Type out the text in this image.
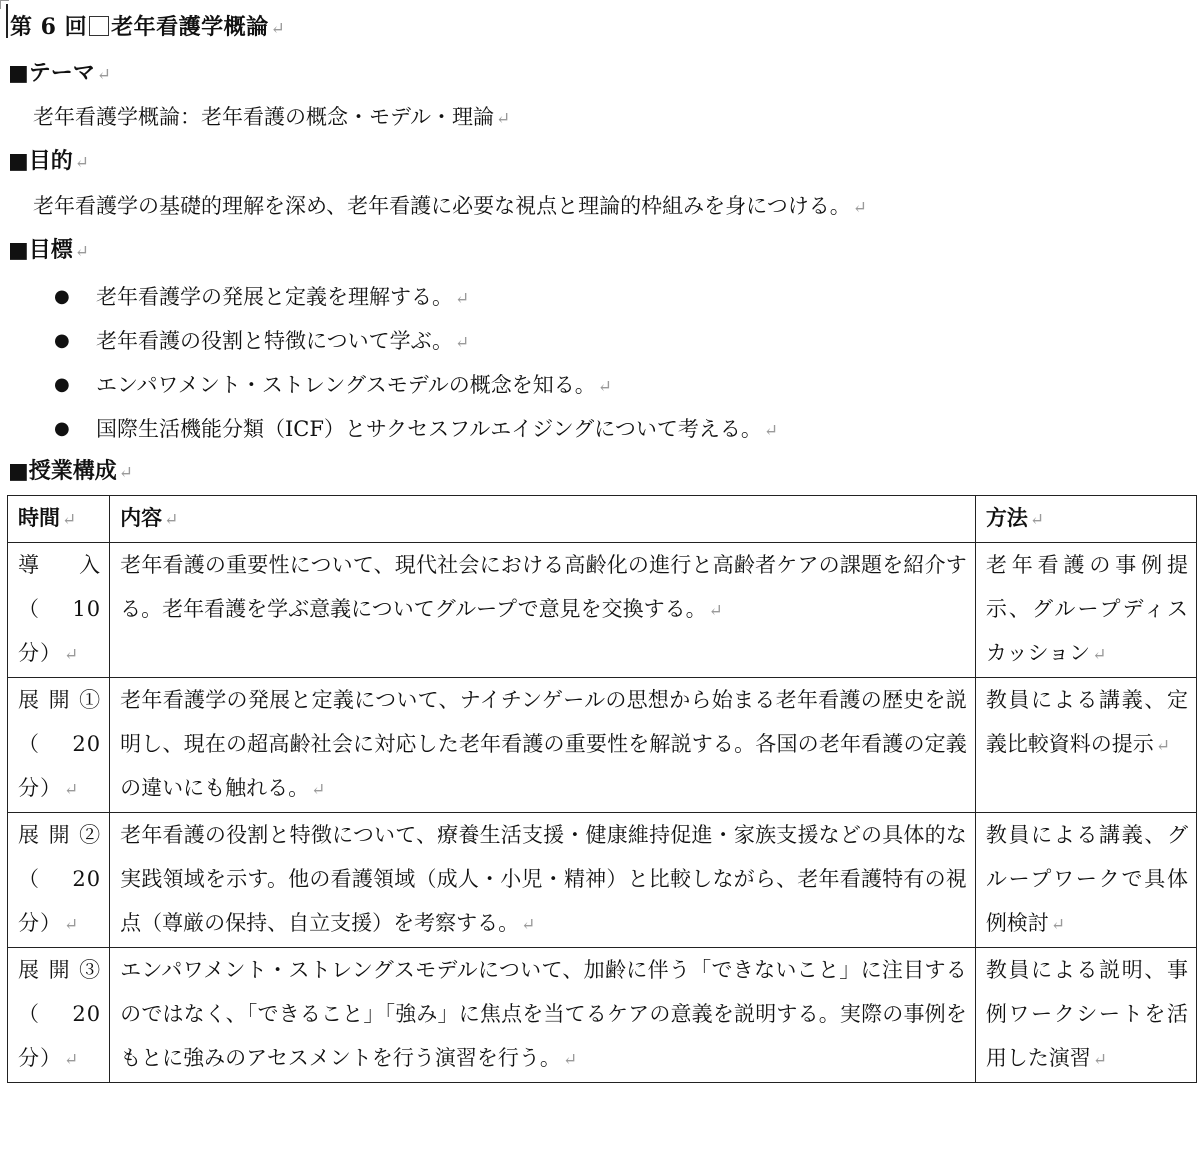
第 6 回 老年看護学概論 ↵
■テーマ ↵
老年看護学概論：老年看護の概念・モデル・理論 ↵
■目的 ↵
老年看護学の基礎的理解を深め、老年看護に必要な視点と理論的枠組みを身につける。 ↵
■目標 ↵
● 老年看護学の発展と定義を理解する。 ↵
● 老年看護の役割と特徴について学ぶ。 ↵
● エンパワメント・ストレングスモデルの概念を知る。 ↵
● 国際生活機能分類（ICF）とサクセスフルエイジングについて考える。 ↵
■授業構成 ↵
時間 ↵	内容 ↵	方法 ↵
導　入（　10分） ↵	老年看護の重要性について、現代社会における高齢化の進行と高齢者ケアの課題を紹介する。老年看護を学ぶ意義についてグループで意見を交換する。 ↵	老年看護の事例提示、グループディスカッション ↵
展開①（　20分） ↵	老年看護学の発展と定義について、ナイチンゲールの思想から始まる老年看護の歴史を説明し、現在の超高齢社会に対応した老年看護の重要性を解説する。各国の老年看護の定義の違いにも触れる。 ↵	教員による講義、定義比較資料の提示 ↵
展開②（　20分） ↵	老年看護の役割と特徴について、療養生活支援・健康維持促進・家族支援などの具体的な実践領域を示す。他の看護領域（成人・小児・精神）と比較しながら、老年看護特有の視点（尊厳の保持、自立支援）を考察する。 ↵	教員による講義、グループワークで具体例検討 ↵
展開③（　20分） ↵	エンパワメント・ストレングスモデルについて、加齢に伴う「できないこと」に注目するのではなく、「できること」「強み」に焦点を当てるケアの意義を説明する。実際の事例をもとに強みのアセスメントを行う演習を行う。 ↵	教員による説明、事例ワークシートを活用した演習 ↵
